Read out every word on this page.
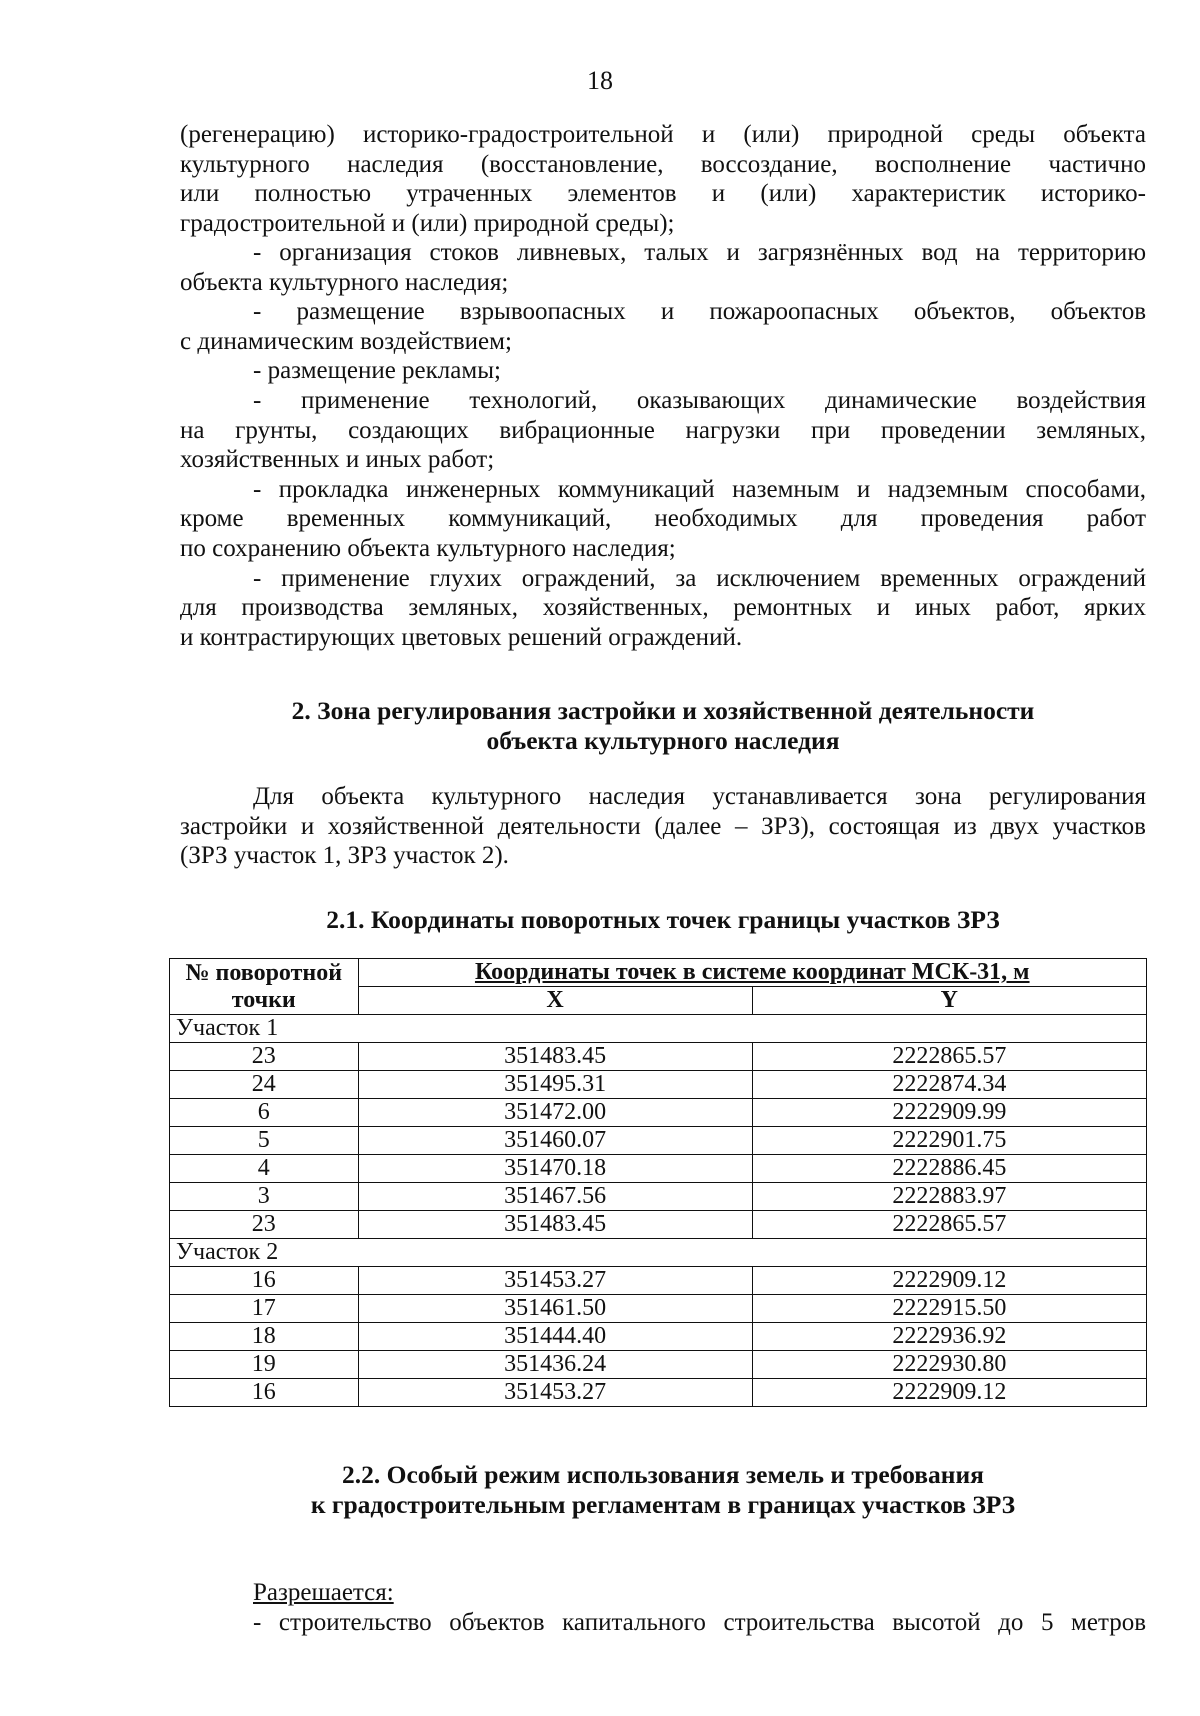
18
(регенерацию) историко-градостроительной и (или) природной среды объекта
культурного наследия (восстановление, воссоздание, восполнение частично
или полностью утраченных элементов и (или) характеристик историко-
градостроительной и (или) природной среды);
- организация стоков ливневых, талых и загрязнённых вод на территорию
объекта культурного наследия;
- размещение взрывоопасных и пожароопасных объектов, объектов
с динамическим воздействием;
- размещение рекламы;
- применение технологий, оказывающих динамические воздействия
на грунты, создающих вибрационные нагрузки при проведении земляных,
хозяйственных и иных работ;
- прокладка инженерных коммуникаций наземным и надземным способами,
кроме временных коммуникаций, необходимых для проведения работ
по сохранению объекта культурного наследия;
- применение глухих ограждений, за исключением временных ограждений
для производства земляных, хозяйственных, ремонтных и иных работ, ярких
и контрастирующих цветовых решений ограждений.
2. Зона регулирования застройки и хозяйственной деятельности
объекта культурного наследия
Для объекта культурного наследия устанавливается зона регулирования
застройки и хозяйственной деятельности (далее – ЗРЗ), состоящая из двух участков
(ЗРЗ участок 1, ЗРЗ участок 2).
2.1. Координаты поворотных точек границы участков ЗРЗ
№ поворотной
точки	Координаты точек в системе координат МСК-31, м	
	X	Y
Участок 1		
23	351483.45	2222865.57
24	351495.31	2222874.34
6	351472.00	2222909.99
5	351460.07	2222901.75
4	351470.18	2222886.45
3	351467.56	2222883.97
23	351483.45	2222865.57
Участок 2		
16	351453.27	2222909.12
17	351461.50	2222915.50
18	351444.40	2222936.92
19	351436.24	2222930.80
16	351453.27	2222909.12
2.2. Особый режим использования земель и требования
к градостроительным регламентам в границах участков ЗРЗ
Разрешается:
- строительство объектов капитального строительства высотой до 5 метров
